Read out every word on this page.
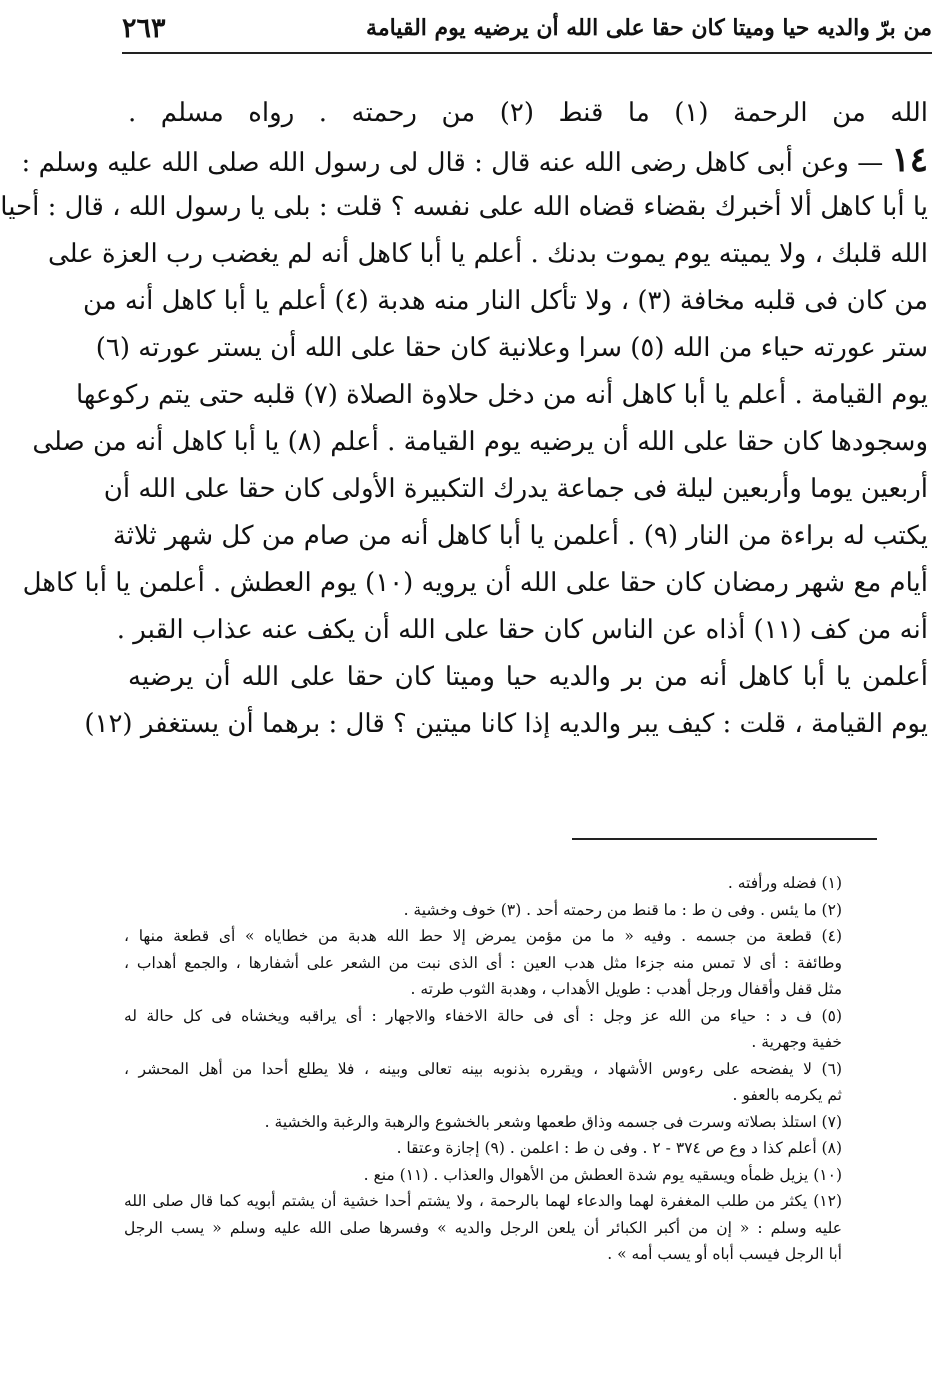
٢٦٣	من برّ والديه حيا وميتا كان حقا على الله أن يرضيه يوم القيامة
الله من الرحمة (١) ما قنط (٢) من رحمته . رواه مسلم .
١٤ — وعن أبى كاهل رضى الله عنه قال : قال لى رسول الله صلى الله عليه وسلم :
يا أبا كاهل ألا أخبرك بقضاء قضاه الله على نفسه ؟ قلت : بلى يا رسول الله ، قال : أحيا
الله قلبك ، ولا يميته يوم يموت بدنك . أعلم يا أبا كاهل أنه لم يغضب رب العزة على
من كان فى قلبه مخافة (٣) ، ولا تأكل النار منه هدبة (٤) أعلم يا أبا كاهل أنه من
ستر عورته حياء من الله (٥) سرا وعلانية كان حقا على الله أن يستر عورته (٦)
يوم القيامة . أعلم يا أبا كاهل أنه من دخل حلاوة الصلاة (٧) قلبه حتى يتم ركوعها
وسجودها كان حقا على الله أن يرضيه يوم القيامة . أعلم (٨) يا أبا كاهل أنه من صلى
أربعين يوما وأربعين ليلة فى جماعة يدرك التكبيرة الأولى كان حقا على الله أن
يكتب له براءة من النار (٩) . أعلمن يا أبا كاهل أنه من صام من كل شهر ثلاثة
أيام مع شهر رمضان كان حقا على الله أن يرويه (١٠) يوم العطش . أعلمن يا أبا كاهل
أنه من كف (١١) أذاه عن الناس كان حقا على الله أن يكف عنه عذاب القبر .
أعلمن يا أبا كاهل أنه من بر والديه حيا وميتا كان حقا على الله أن يرضيه
يوم القيامة ، قلت : كيف يبر والديه إذا كانا ميتين ؟ قال : برهما أن يستغفر (١٢)
(١) فضله ورأفته .
(٢) ما يئس . وفى ن ط : ما قنط من رحمته أحد . (٣) خوف وخشية .
(٤) قطعة من جسمه . وفيه « ما من مؤمن يمرض إلا حط الله هدبة من خطاياه » أى قطعة منها ،
وطائفة : أى لا تمس منه جزءا مثل هدب العين : أى الذى نبت من الشعر على أشفارها ، والجمع أهداب ،
مثل قفل وأقفال ورجل أهدب : طويل الأهداب ، وهدبة الثوب طرته .
(٥) ف د : حياء من الله عز وجل : أى فى حالة الاخفاء والاجهار : أى يراقبه ويخشاه فى كل حالة له
خفية وجهرية .
(٦) لا يفضحه على رءوس الأشهاد ، ويقرره بذنوبه بينه تعالى وبينه ، فلا يطلع أحدا من أهل المحشر ،
ثم يكرمه بالعفو .
(٧) استلذ بصلاته وسرت فى جسمه وذاق طعمها وشعر بالخشوع والرهبة والرغبة والخشية .
(٨) أعلم كذا د وع ص ٣٧٤ - ٢ . وفى ن ط : اعلمن . (٩) إجازة وعتقا .
(١٠) يزيل ظمأه ويسقيه يوم شدة العطش من الأهوال والعذاب . (١١) منع .
(١٢) يكثر من طلب المغفرة لهما والدعاء لهما بالرحمة ، ولا يشتم أحدا خشية أن يشتم أبويه كما قال صلى الله
عليه وسلم : « إن من أكبر الكبائر أن يلعن الرجل والديه » وفسرها صلى الله عليه وسلم « يسب الرجل
أبا الرجل فيسب أباه أو يسب أمه » .
